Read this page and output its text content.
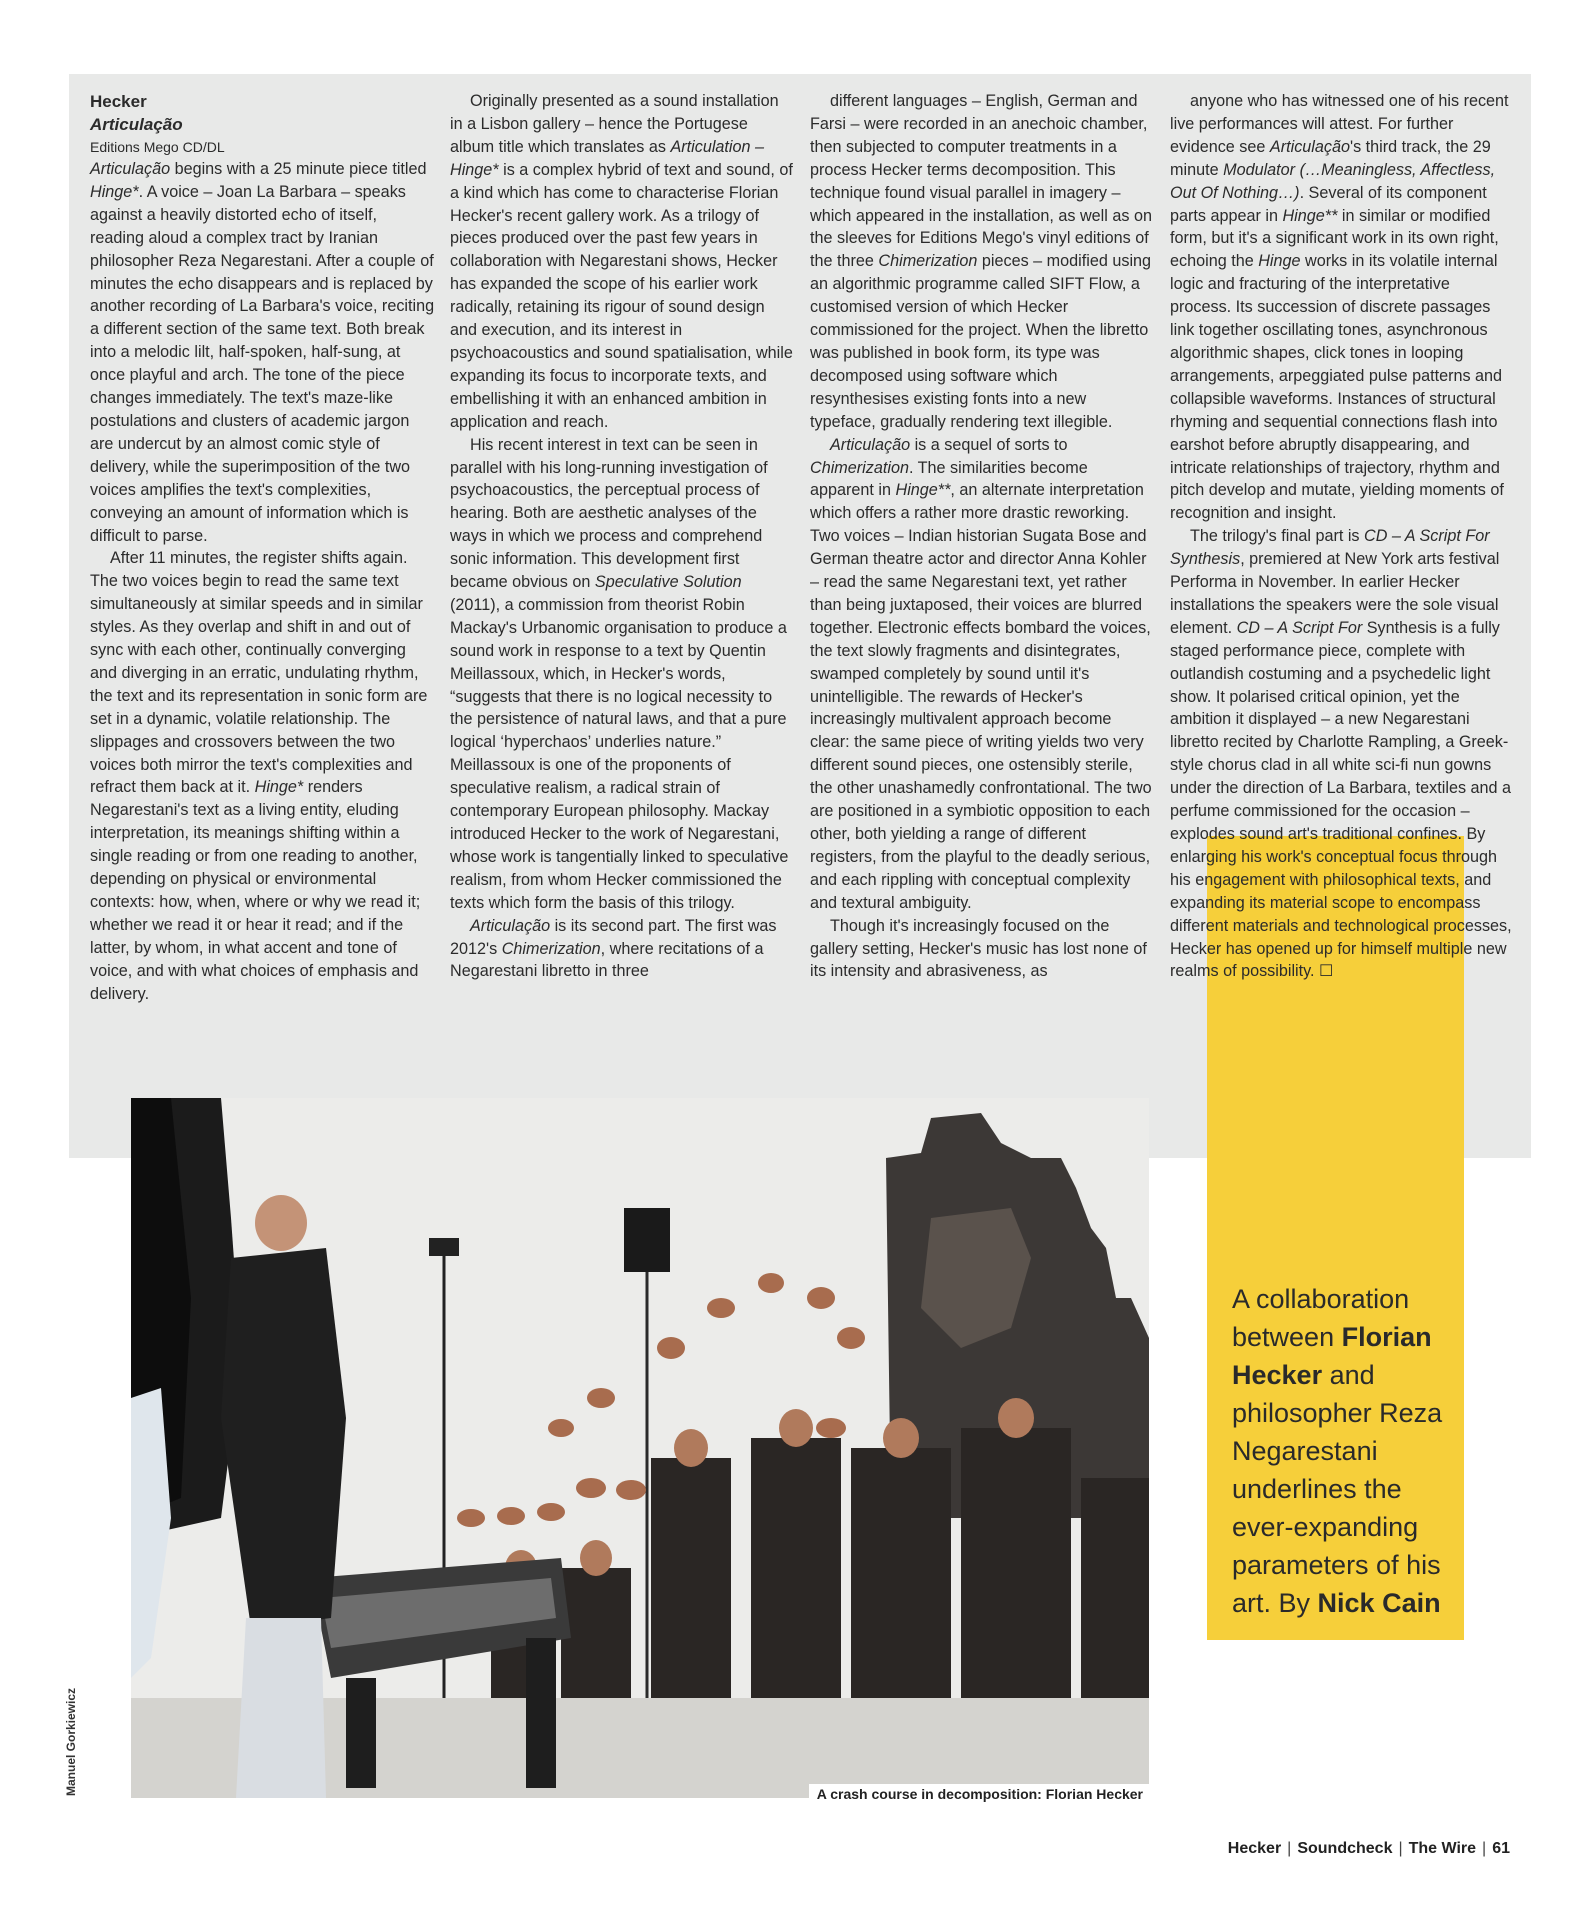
Hecker
Articulação
Editions Mego CD/DL

Articulação begins with a 25 minute piece titled Hinge*. A voice – Joan La Barbara – speaks against a heavily distorted echo of itself, reading aloud a complex tract by Iranian philosopher Reza Negarestani. After a couple of minutes the echo disappears and is replaced by another recording of La Barbara's voice, reciting a different section of the same text. Both break into a melodic lilt, half-spoken, half-sung, at once playful and arch. The tone of the piece changes immediately. The text's maze-like postulations and clusters of academic jargon are undercut by an almost comic style of delivery, while the superimposition of the two voices amplifies the text's complexities, conveying an amount of information which is difficult to parse.

After 11 minutes, the register shifts again. The two voices begin to read the same text simultaneously at similar speeds and in similar styles. As they overlap and shift in and out of sync with each other, continually converging and diverging in an erratic, undulating rhythm, the text and its representation in sonic form are set in a dynamic, volatile relationship. The slippages and crossovers between the two voices both mirror the text's complexities and refract them back at it. Hinge* renders Negarestani's text as a living entity, eluding interpretation, its meanings shifting within a single reading or from one reading to another, depending on physical or environmental contexts: how, when, where or why we read it; whether we read it or hear it read; and if the latter, by whom, in what accent and tone of voice, and with what choices of emphasis and delivery.

Originally presented as a sound installation in a Lisbon gallery – hence the Portugese album title which translates as Articulation – Hinge* is a complex hybrid of text and sound, of a kind which has come to characterise Florian Hecker's recent gallery work. As a trilogy of pieces produced over the past few years in collaboration with Negarestani shows, Hecker has expanded the scope of his earlier work radically, retaining its rigour of sound design and execution, and its interest in psychoacoustics and sound spatialisation, while expanding its focus to incorporate texts, and embellishing it with an enhanced ambition in application and reach.

His recent interest in text can be seen in parallel with his long-running investigation of psychoacoustics, the perceptual process of hearing. Both are aesthetic analyses of the ways in which we process and comprehend sonic information. This development first became obvious on Speculative Solution (2011), a commission from theorist Robin Mackay's Urbanomic organisation to produce a sound work in response to a text by Quentin Meillassoux, which, in Hecker's words, “suggests that there is no logical necessity to the persistence of natural laws, and that a pure logical ‘hyperchaos’ underlies nature.” Meillassoux is one of the proponents of speculative realism, a radical strain of contemporary European philosophy. Mackay introduced Hecker to the work of Negarestani, whose work is tangentially linked to speculative realism, from whom Hecker commissioned the texts which form the basis of this trilogy.

Articulação is its second part. The first was 2012's Chimerization, where recitations of a Negarestani libretto in three

different languages – English, German and Farsi – were recorded in an anechoic chamber, then subjected to computer treatments in a process Hecker terms decomposition. This technique found visual parallel in imagery – which appeared in the installation, as well as on the sleeves for Editions Mego's vinyl editions of the three Chimerization pieces – modified using an algorithmic programme called SIFT Flow, a customised version of which Hecker commissioned for the project. When the libretto was published in book form, its type was decomposed using software which resynthesises existing fonts into a new typeface, gradually rendering text illegible.

Articulação is a sequel of sorts to Chimerization. The similarities become apparent in Hinge**, an alternate interpretation which offers a rather more drastic reworking. Two voices – Indian historian Sugata Bose and German theatre actor and director Anna Kohler – read the same Negarestani text, yet rather than being juxtaposed, their voices are blurred together. Electronic effects bombard the voices, the text slowly fragments and disintegrates, swamped completely by sound until it's unintelligible. The rewards of Hecker's increasingly multivalent approach become clear: the same piece of writing yields two very different sound pieces, one ostensibly sterile, the other unashamedly confrontational. The two are positioned in a symbiotic opposition to each other, both yielding a range of different registers, from the playful to the deadly serious, and each rippling with conceptual complexity and textural ambiguity.

Though it's increasingly focused on the gallery setting, Hecker's music has lost none of its intensity and abrasiveness, as

anyone who has witnessed one of his recent live performances will attest. For further evidence see Articulação's third track, the 29 minute Modulator (…Meaningless, Affectless, Out Of Nothing…). Several of its component parts appear in Hinge** in similar or modified form, but it's a significant work in its own right, echoing the Hinge works in its volatile internal logic and fracturing of the interpretative process. Its succession of discrete passages link together oscillating tones, asynchronous algorithmic shapes, click tones in looping arrangements, arpeggiated pulse patterns and collapsible waveforms. Instances of structural rhyming and sequential connections flash into earshot before abruptly disappearing, and intricate relationships of trajectory, rhythm and pitch develop and mutate, yielding moments of recognition and insight.

The trilogy's final part is CD – A Script For Synthesis, premiered at New York arts festival Performa in November. In earlier Hecker installations the speakers were the sole visual element. CD – A Script For Synthesis is a fully staged performance piece, complete with outlandish costuming and a psychedelic light show. It polarised critical opinion, yet the ambition it displayed – a new Negarestani libretto recited by Charlotte Rampling, a Greek-style chorus clad in all white sci-fi nun gowns under the direction of La Barbara, textiles and a perfume commissioned for the occasion – explodes sound art's traditional confines. By enlarging his work's conceptual focus through his engagement with philosophical texts, and expanding its material scope to encompass different materials and technological processes, Hecker has opened up for himself multiple new realms of possibility. ☐

A crash course in decomposition: Florian Hecker
Manuel Gorkiewicz
A collaboration between Florian Hecker and philosopher Reza Negarestani underlines the ever-expanding parameters of his art. By Nick Cain
Hecker | Soundcheck | The Wire | 61
